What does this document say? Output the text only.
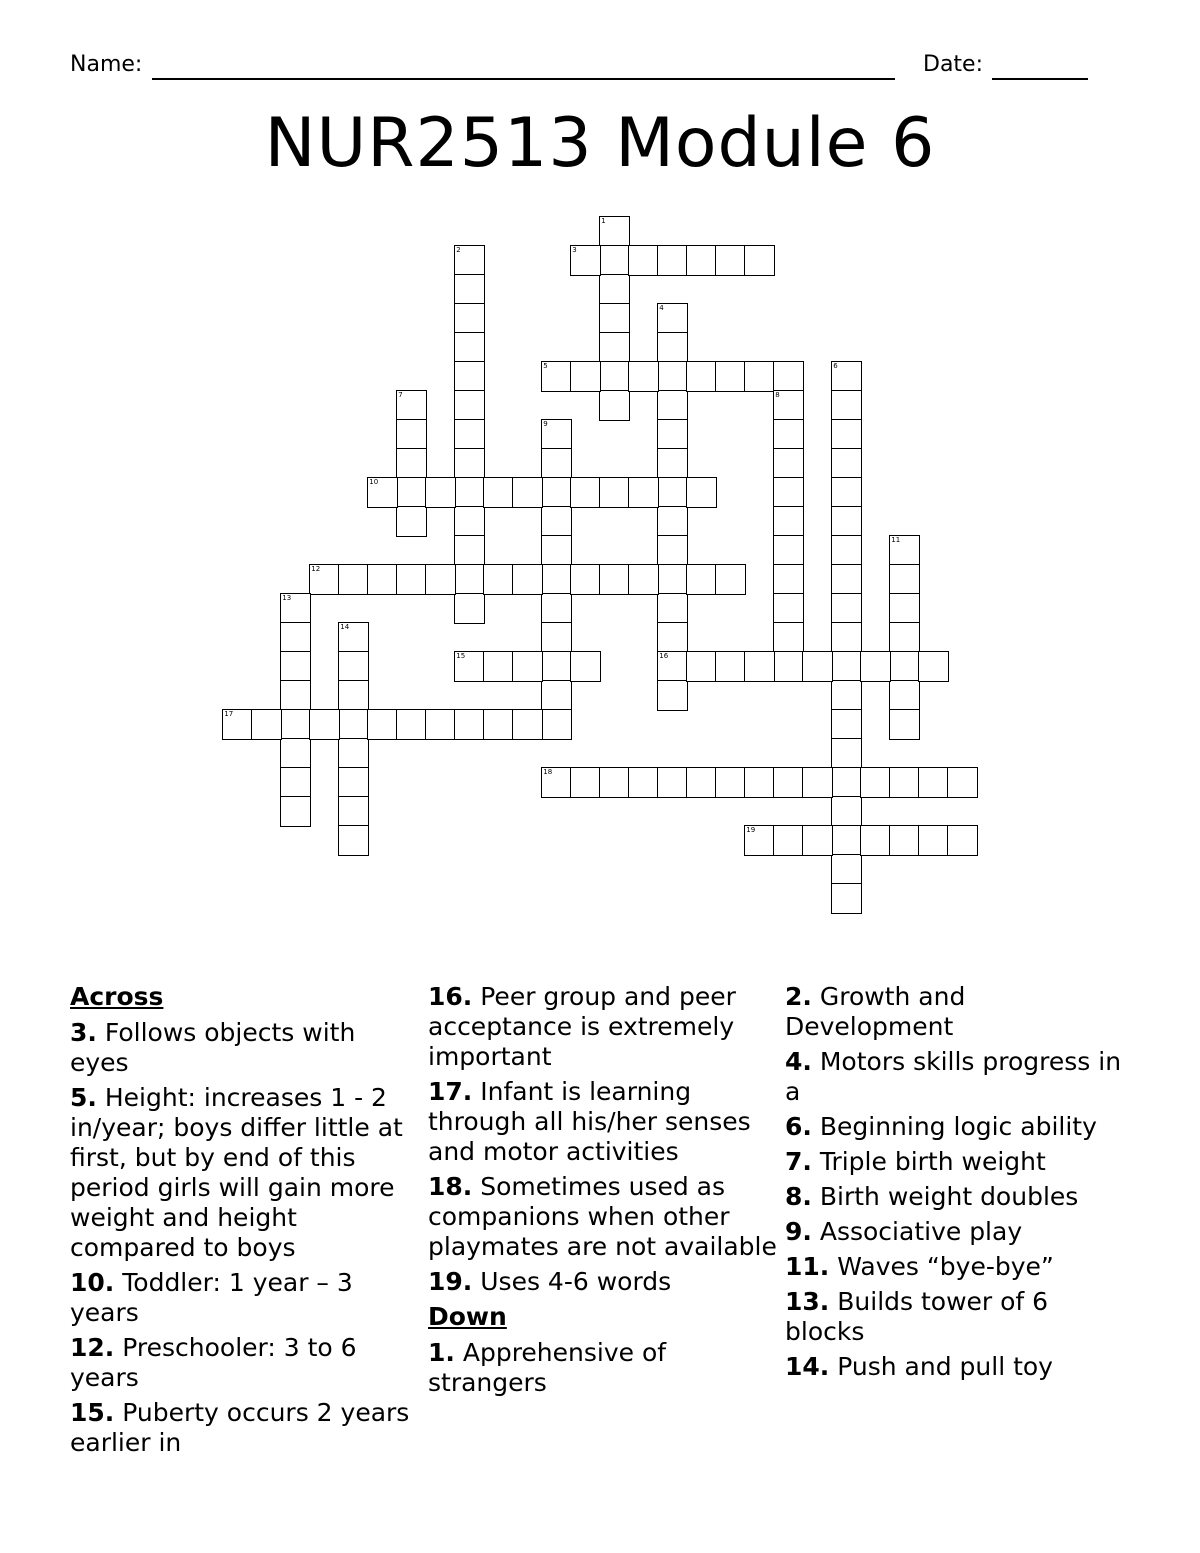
Name:	Date:
NUR2513 Module 6
1
2	3
4
16
5	6
7	8
9
10
11
12
13
14
15
17
18
19
Across
3. Follows objects with eyes
5. Height: increases 1 - 2 in/year; boys differ little at first, but by end of this period girls will gain more weight and height compared to boys
10. Toddler: 1 year – 3 years
12. Preschooler: 3 to 6 years
15. Puberty occurs 2 years earlier in
16. Peer group and peer acceptance is extremely important
17. Infant is learning through all his/her senses and motor activities
18. Sometimes used as companions when other playmates are not available
19. Uses 4-6 words
Down
1. Apprehensive of strangers
2. Growth and Development
4. Motors skills progress in a
6. Beginning logic ability
7. Triple birth weight
8. Birth weight doubles
9. Associative play
11. Waves “bye-bye”
13. Builds tower of 6 blocks
14. Push and pull toy
